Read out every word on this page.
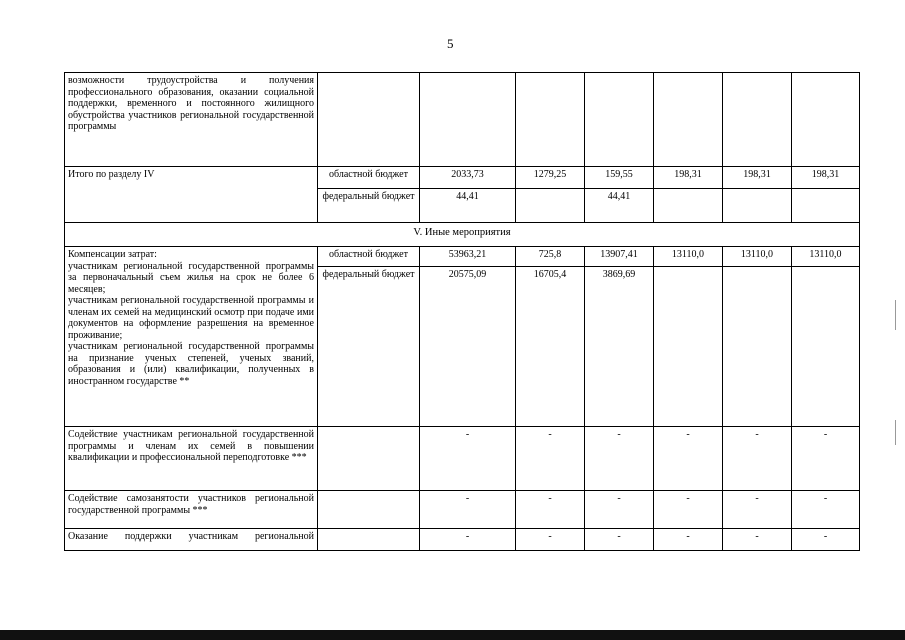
5
возможности трудоустройства и получения профессионального образования, оказании социальной поддержки, временного и постоянного жилищного обустройства участников региональной государственной программы							
Итого по разделу IV	областной бюджет	2033,73	1279,25	159,55	198,31	198,31	198,31
	федеральный бюджет	44,41		44,41			
V. Иные мероприятия							
Компенсации затрат:
участникам региональной государственной программы за первоначальный съем жилья на срок не более 6 месяцев;
участникам региональной государственной программы и членам их семей на медицинский осмотр при подаче ими документов на оформление разрешения на временное проживание;
участникам региональной государственной программы на признание ученых степеней, ученых званий, образования и (или) квалификации, полученных в иностранном государстве **	областной бюджет	53963,21	725,8	13907,41	13110,0	13110,0	13110,0
	федеральный бюджет	20575,09	16705,4	3869,69			
Содействие участникам региональной государственной программы и членам их семей в повышении квалификации и профессиональной переподготовке ***		-	-	-	-	-	-
Содействие самозанятости участников региональной государственной программы ***		-	-	-	-	-	-
Оказание поддержки участникам региональной		-	-	-	-	-	-
